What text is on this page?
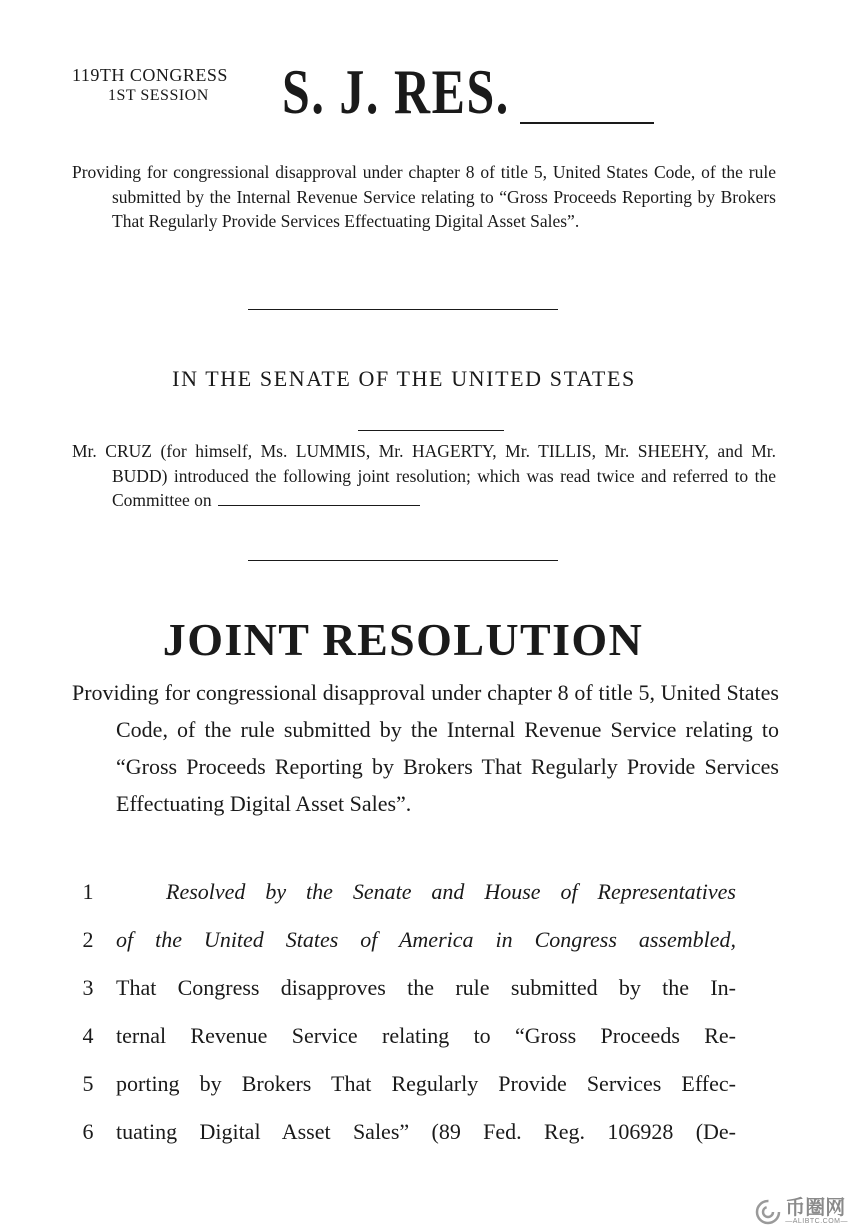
119TH CONGRESS
1ST SESSION	S. J. RES.
Providing for congressional disapproval under chapter 8 of title 5, United States Code, of the rule submitted by the Internal Revenue Service relating to “Gross Proceeds Reporting by Brokers That Regularly Provide Services Effectuating Digital Asset Sales”.
IN THE SENATE OF THE UNITED STATES
Mr. CRUZ (for himself, Ms. LUMMIS, Mr. HAGERTY, Mr. TILLIS, Mr. SHEEHY, and Mr. BUDD) introduced the following joint resolution; which was read twice and referred to the Committee on
JOINT RESOLUTION
Providing for congressional disapproval under chapter 8 of title 5, United States Code, of the rule submitted by the Internal Revenue Service relating to “Gross Proceeds Reporting by Brokers That Regularly Provide Services Effectuating Digital Asset Sales”.
1	Resolved by the Senate and House of Representatives
2	of the United States of America in Congress assembled,
3	That Congress disapproves the rule submitted by the In-
4	ternal Revenue Service relating to “Gross Proceeds Re-
5	porting by Brokers That Regularly Provide Services Effec-
6	tuating Digital Asset Sales” (89 Fed. Reg. 106928 (De-
币圈网
—ALIBTC.COM—
